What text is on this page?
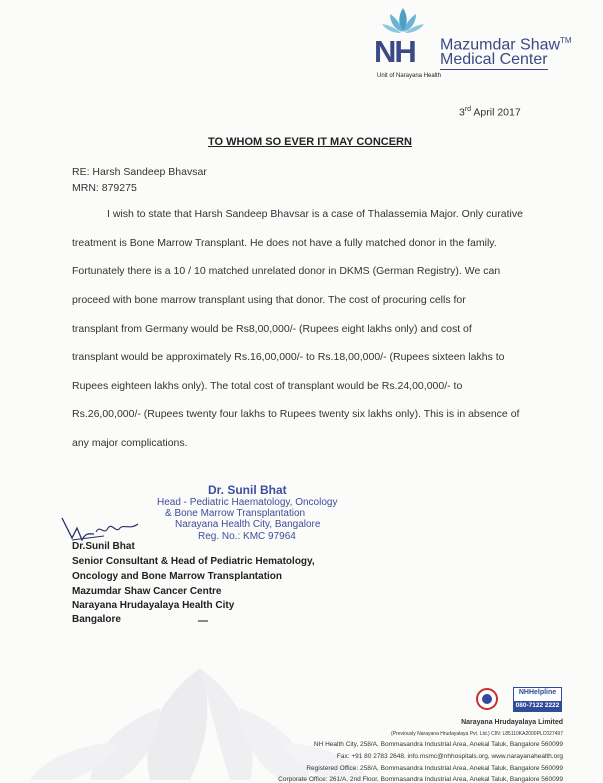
NH Mazumdar Shaw™
Medical Center
Unit of Narayana Health
3rd April 2017
TO WHOM SO EVER IT MAY CONCERN
RE: Harsh Sandeep Bhavsar
MRN: 879275
I wish to state that Harsh Sandeep Bhavsar is a case of Thalassemia Major. Only curative
treatment is Bone Marrow Transplant. He does not have a fully matched donor in the family.
Fortunately there is a 10 / 10 matched unrelated donor in DKMS (German Registry). We can
proceed with bone marrow transplant using that donor. The cost of procuring cells for
transplant from Germany would be Rs8,00,000/- (Rupees eight lakhs only) and cost of
transplant would be approximately Rs.16,00,000/- to Rs.18,00,000/- (Rupees sixteen lakhs to
Rupees eighteen lakhs only). The total cost of transplant would be Rs.24,00,000/- to
Rs.26,00,000/- (Rupees twenty four lakhs to Rupees twenty six lakhs only). This is in absence of
any major complications.
Dr. Sunil Bhat
Head - Pediatric Haematology, Oncology
& Bone Marrow Transplantation
Narayana Health City, Bangalore
Reg. No.: KMC 97964
Dr.Sunil Bhat
Senior Consultant & Head of Pediatric Hematology,
Oncology and Bone Marrow Transplantation
Mazumdar Shaw Cancer Centre
Narayana Hrudayalaya Health City
Bangalore
NHHelpline
080-7122 2222
Narayana Hrudayalaya Limited
(Previously Narayana Hrudayalaya Pvt. Ltd.) CIN: L85110KA2000PLC027497
NH Health City, 258/A, Bommasandra Industrial Area, Anekal Taluk, Bangalore 560099
Fax: +91 80 2783 2648. info.msmc@nhhospitals.org, www.narayanahealth.org
Registered Office: 258/A, Bommasandra Industrial Area, Anekal Taluk, Bangalore 560099
Corporate Office: 261/A, 2nd Floor, Bommasandra Industrial Area, Anekal Taluk, Bangalore 560099
